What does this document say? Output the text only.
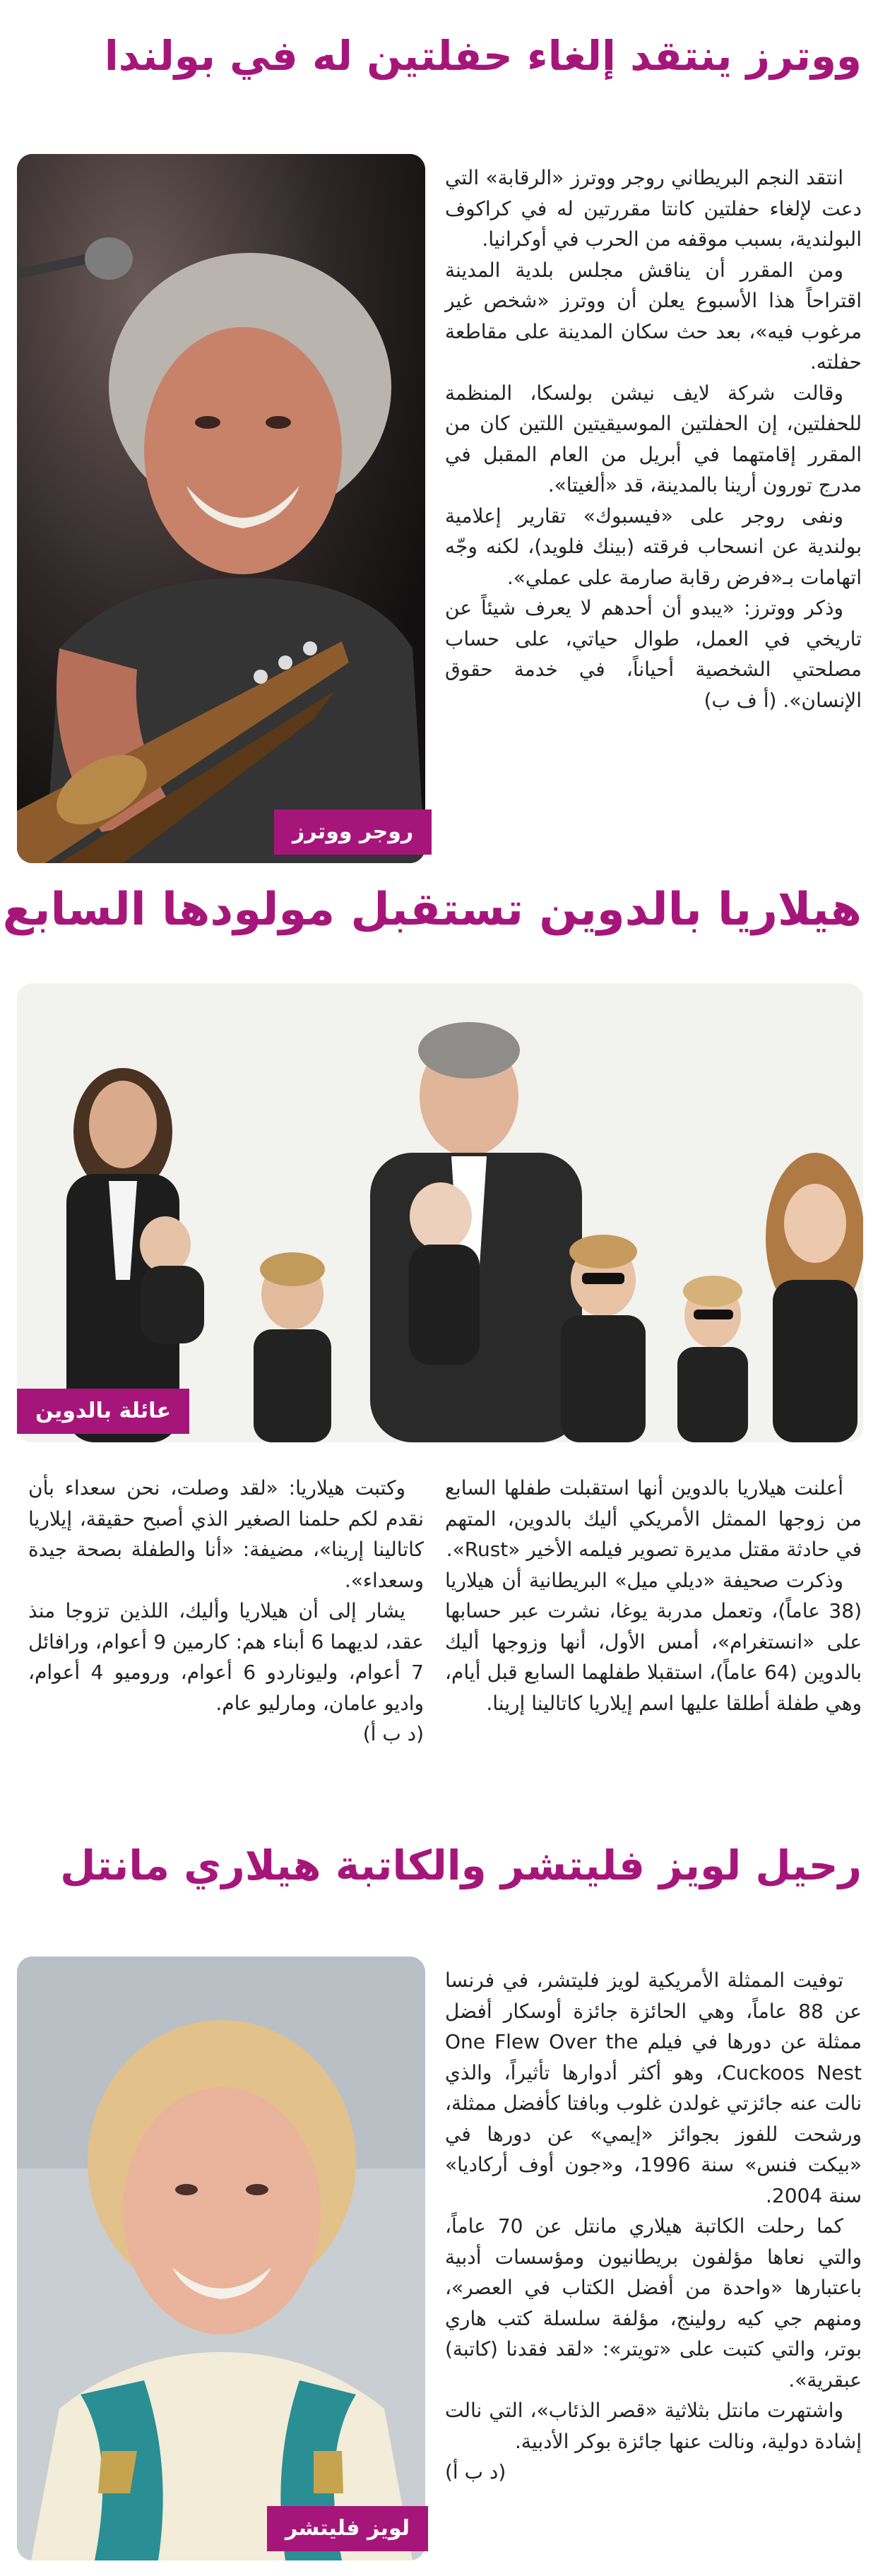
ووترز ينتقد إلغاء حفلتين له في بولندا
روجر ووترز

انتقد النجم البريطاني روجر ووترز «الرقابة» التي دعت لإلغاء حفلتين كانتا مقررتين له في كراكوف البولندية، بسبب موقفه من الحرب في أوكرانيا.

ومن المقرر أن يناقش مجلس بلدية المدينة اقتراحاً هذا الأسبوع يعلن أن ووترز «شخص غير مرغوب فيه»، بعد حث سكان المدينة على مقاطعة حفلته.

وقالت شركة لايف نيشن بولسكا، المنظمة للحفلتين، إن الحفلتين الموسيقيتين اللتين كان من المقرر إقامتهما في أبريل من العام المقبل في مدرج تورون أرينا بالمدينة، قد «ألغيتا».

ونفى روجر على «فيسبوك» تقارير إعلامية بولندية عن انسحاب فرقته (بينك فلويد)، لكنه وجّه اتهامات بـ«فرض رقابة صارمة على عملي».

وذكر ووترز: «يبدو أن أحدهم لا يعرف شيئاً عن تاريخي في العمل، طوال حياتي، على حساب مصلحتي الشخصية أحياناً، في خدمة حقوق الإنسان». (أ ف ب)

هيلاريا بالدوين تستقبل مولودها السابع
عائلة بالدوين

أعلنت هيلاريا بالدوين أنها استقبلت طفلها السابع من زوجها الممثل الأمريكي أليك بالدوين، المتهم في حادثة مقتل مديرة تصوير فيلمه الأخير «Rust».

وذكرت صحيفة «ديلي ميل» البريطانية أن هيلاريا (38 عاماً)، وتعمل مدربة يوغا، نشرت عبر حسابها على «انستغرام»، أمس الأول، أنها وزوجها أليك بالدوين (64 عاماً)، استقبلا طفلهما السابع قبل أيام، وهي طفلة أطلقا عليها اسم إيلاريا كاتالينا إرينا.

وكتبت هيلاريا: «لقد وصلت، نحن سعداء بأن نقدم لكم حلمنا الصغير الذي أصبح حقيقة، إيلاريا كاتالينا إرينا»، مضيفة: «أنا والطفلة بصحة جيدة وسعداء».

يشار إلى أن هيلاريا وأليك، اللذين تزوجا منذ عقد، لديهما 6 أبناء هم: كارمين 9 أعوام، ورافائل 7 أعوام، وليوناردو 6 أعوام، وروميو 4 أعوام، واديو عامان، ومارليو عام.

(د ب أ)

رحيل لويز فليتشر والكاتبة هيلاري مانتل
لويز فليتشر

توفيت الممثلة الأمريكية لويز فليتشر، في فرنسا عن 88 عاماً، وهي الحائزة جائزة أوسكار أفضل ممثلة عن دورها في فيلم One Flew Over the Cuckoos Nest، وهو أكثر أدوارها تأثيراً، والذي نالت عنه جائزتي غولدن غلوب وبافتا كأفضل ممثلة، ورشحت للفوز بجوائز «إيمي» عن دورها في «بيكت فنس» سنة 1996، و«جون أوف أركاديا» سنة 2004.

كما رحلت الكاتبة هيلاري مانتل عن 70 عاماً، والتي نعاها مؤلفون بريطانيون ومؤسسات أدبية باعتبارها «واحدة من أفضل الكتاب في العصر»، ومنهم جي كيه رولينج، مؤلفة سلسلة كتب هاري بوتر، والتي كتبت على «تويتر»: «لقد فقدنا (كاتبة) عبقرية».

واشتهرت مانتل بثلاثية «قصر الذئاب»، التي نالت إشادة دولية، ونالت عنها جائزة بوكر الأدبية.

(د ب أ)
